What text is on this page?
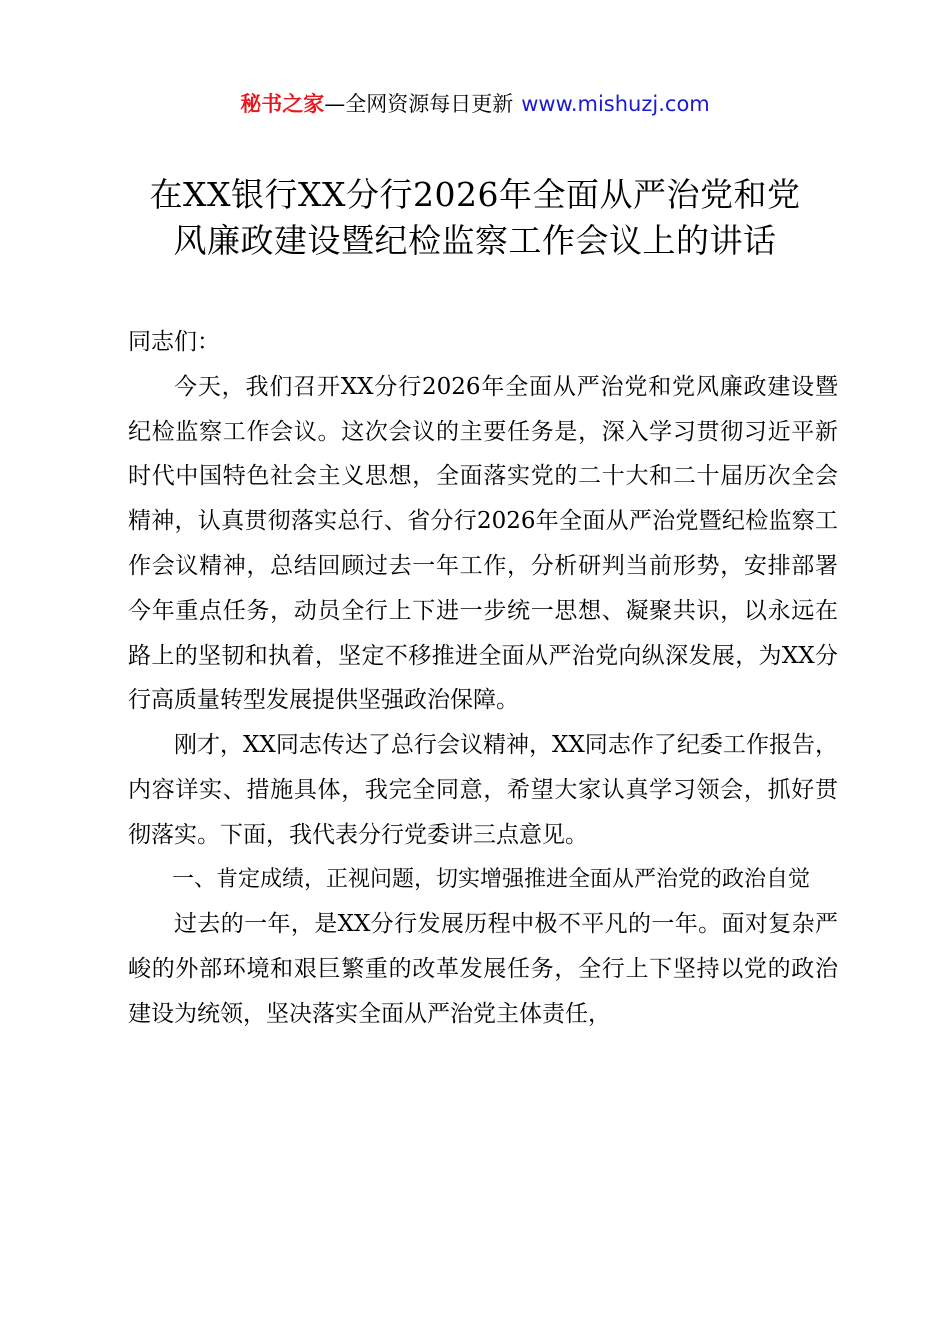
秘书之家—全网资源每日更新 www.mishuzj.com
在XX银行XX分行2026年全面从严治党和党
风廉政建设暨纪检监察工作会议上的讲话

同志们：

今天，我们召开XX分行2026年全面从严治党和党风廉政建设暨纪检监察工作会议。这次会议的主要任务是，深入学习贯彻习近平新时代中国特色社会主义思想，全面落实党的二十大和二十届历次全会精神，认真贯彻落实总行、省分行2026年全面从严治党暨纪检监察工作会议精神，总结回顾过去一年工作，分析研判当前形势，安排部署今年重点任务，动员全行上下进一步统一思想、凝聚共识，以永远在路上的坚韧和执着，坚定不移推进全面从严治党向纵深发展，为XX分行高质量转型发展提供坚强政治保障。

刚才，XX同志传达了总行会议精神，XX同志作了纪委工作报告，内容详实、措施具体，我完全同意，希望大家认真学习领会，抓好贯彻落实。下面，我代表分行党委讲三点意见。

一、肯定成绩，正视问题，切实增强推进全面从严治党的政治自觉

过去的一年，是XX分行发展历程中极不平凡的一年。面对复杂严峻的外部环境和艰巨繁重的改革发展任务，全行上下坚持以党的政治建设为统领，坚决落实全面从严治党主体责任，
